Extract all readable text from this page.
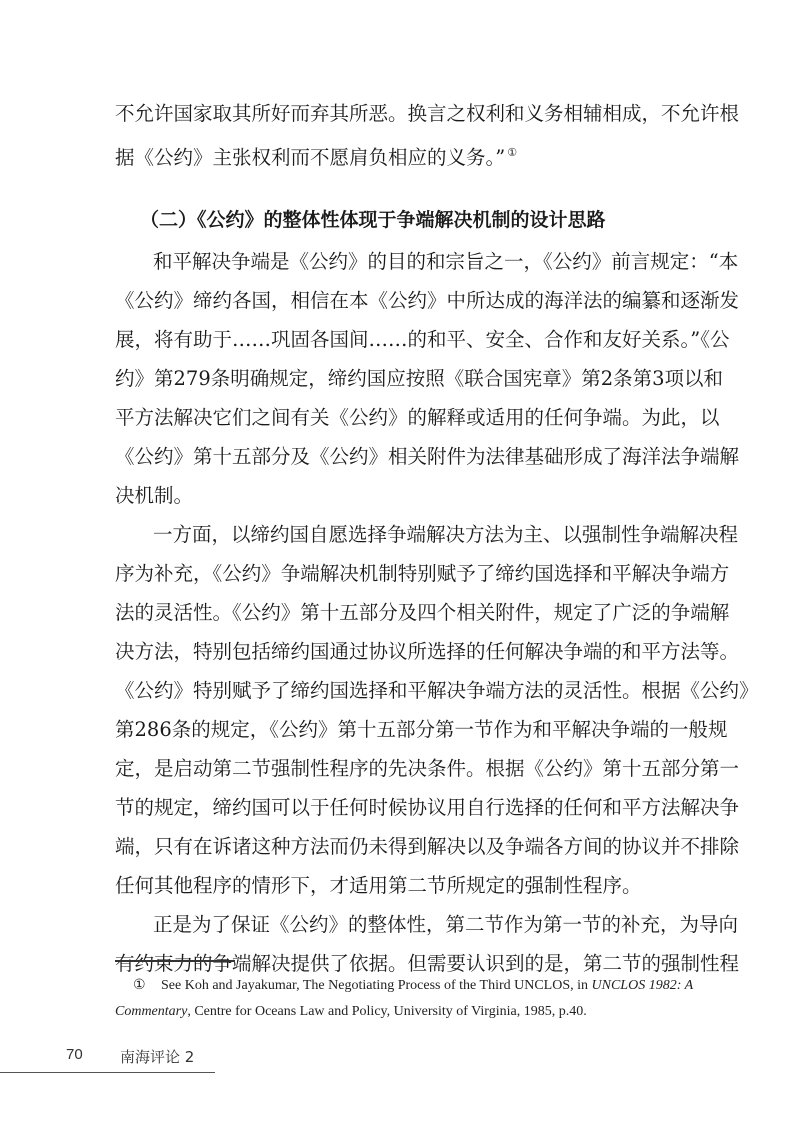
不允许国家取其所好而弃其所恶。换言之权利和义务相辅相成，不允许根
据《公约》主张权利而不愿肩负相应的义务。” ①
（二）《公约》的整体性体现于争端解决机制的设计思路
和平解决争端是《公约》的目的和宗旨之一，《公约》前言规定：“本
《公约》缔约各国，相信在本《公约》中所达成的海洋法的编纂和逐渐发
展，将有助于……巩固各国间……的和平、安全、合作和友好关系。”《公
约》第279条明确规定，缔约国应按照《联合国宪章》第2条第3项以和
平方法解决它们之间有关《公约》的解释或适用的任何争端。为此，以
《公约》第十五部分及《公约》相关附件为法律基础形成了海洋法争端解
决机制。
一方面，以缔约国自愿选择争端解决方法为主、以强制性争端解决程
序为补充，《公约》争端解决机制特别赋予了缔约国选择和平解决争端方
法的灵活性。《公约》第十五部分及四个相关附件，规定了广泛的争端解
决方法，特别包括缔约国通过协议所选择的任何解决争端的和平方法等。
《公约》特别赋予了缔约国选择和平解决争端方法的灵活性。根据《公约》
第286条的规定，《公约》第十五部分第一节作为和平解决争端的一般规
定，是启动第二节强制性程序的先决条件。根据《公约》第十五部分第一
节的规定，缔约国可以于任何时候协议用自行选择的任何和平方法解决争
端，只有在诉诸这种方法而仍未得到解决以及争端各方间的协议并不排除
任何其他程序的情形下，才适用第二节所规定的强制性程序。
正是为了保证《公约》的整体性，第二节作为第一节的补充，为导向
有约束力的争端解决提供了依据。但需要认识到的是，第二节的强制性程
① See Koh and Jayakumar, The Negotiating Process of the Third UNCLOS, in UNCLOS 1982: A
Commentary, Centre for Oceans Law and Policy, University of Virginia, 1985, p.40.
70 南海评论 2
